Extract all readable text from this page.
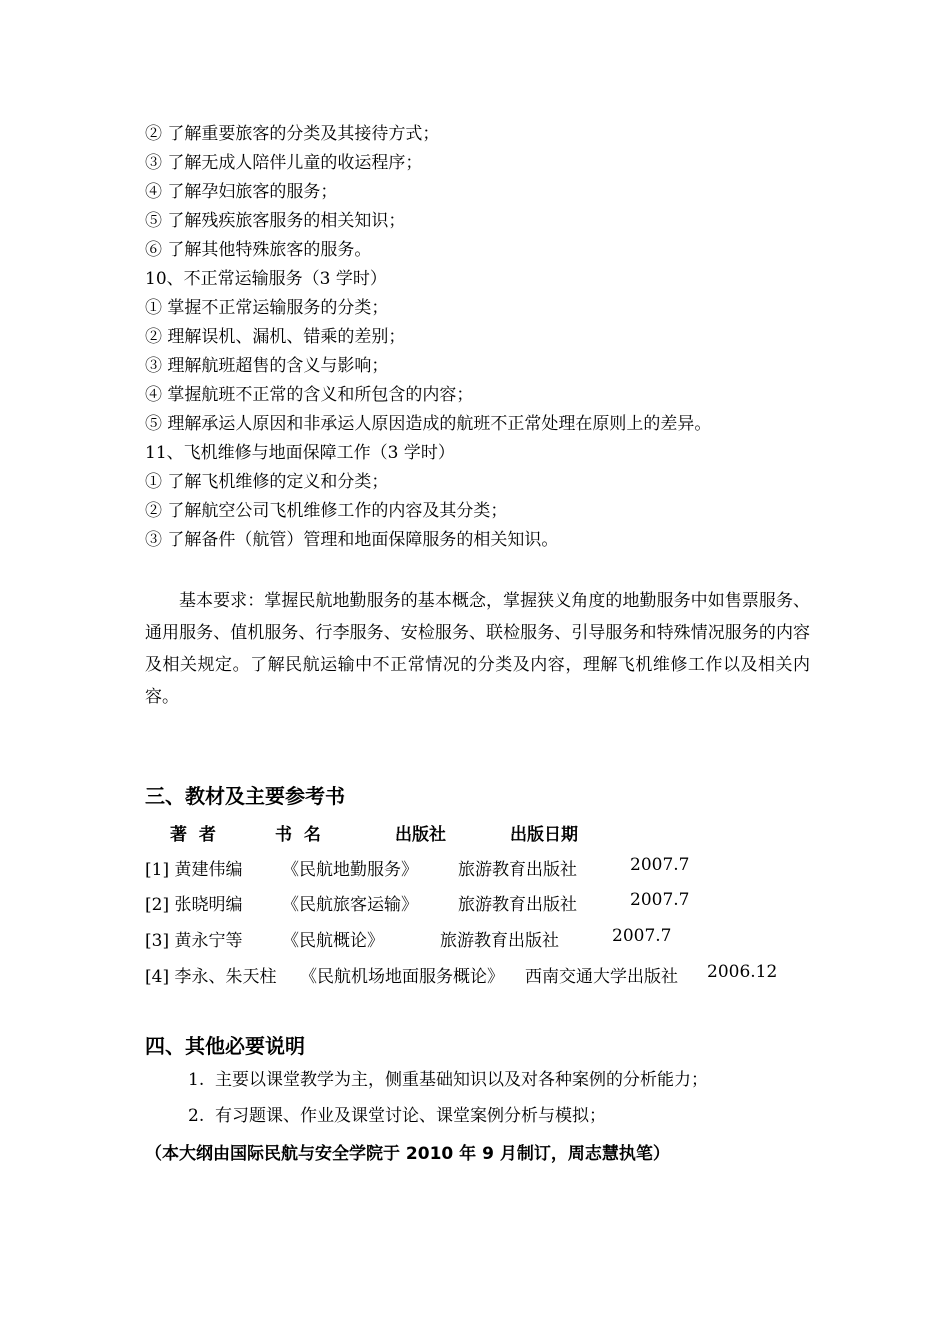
② 了解重要旅客的分类及其接待方式；
③ 了解无成人陪伴儿童的收运程序；
④ 了解孕妇旅客的服务；
⑤ 了解残疾旅客服务的相关知识；
⑥ 了解其他特殊旅客的服务。
10、不正常运输服务（3 学时）
① 掌握不正常运输服务的分类；
② 理解误机、漏机、错乘的差别；
③ 理解航班超售的含义与影响；
④ 掌握航班不正常的含义和所包含的内容；
⑤ 理解承运人原因和非承运人原因造成的航班不正常处理在原则上的差异。
11、飞机维修与地面保障工作（3 学时）
① 了解飞机维修的定义和分类；
② 了解航空公司飞机维修工作的内容及其分类；
③ 了解备件（航管）管理和地面保障服务的相关知识。
基本要求：掌握民航地勤服务的基本概念，掌握狭义角度的地勤服务中如售票服务、通用服务、值机服务、行李服务、安检服务、联检服务、引导服务和特殊情况服务的内容及相关规定。了解民航运输中不正常情况的分类及内容，理解飞机维修工作以及相关内容。
三、教材及主要参考书
著  者	书  名	出版社	出版日期
[1] 黄建伟编 《民航地勤服务》 旅游教育出版社	2007.7
[2] 张晓明编 《民航旅客运输》 旅游教育出版社	2007.7
[3] 黄永宁等 《民航概论》	旅游教育出版社	2007.7
[4] 李永、朱天柱 《民航机场地面服务概论》 西南交通大学出版社 2006.12
四、其他必要说明
1.  主要以课堂教学为主，侧重基础知识以及对各种案例的分析能力；
2.  有习题课、作业及课堂讨论、课堂案例分析与模拟；
（本大纲由国际民航与安全学院于 2010 年 9 月制订，周志慧执笔）
